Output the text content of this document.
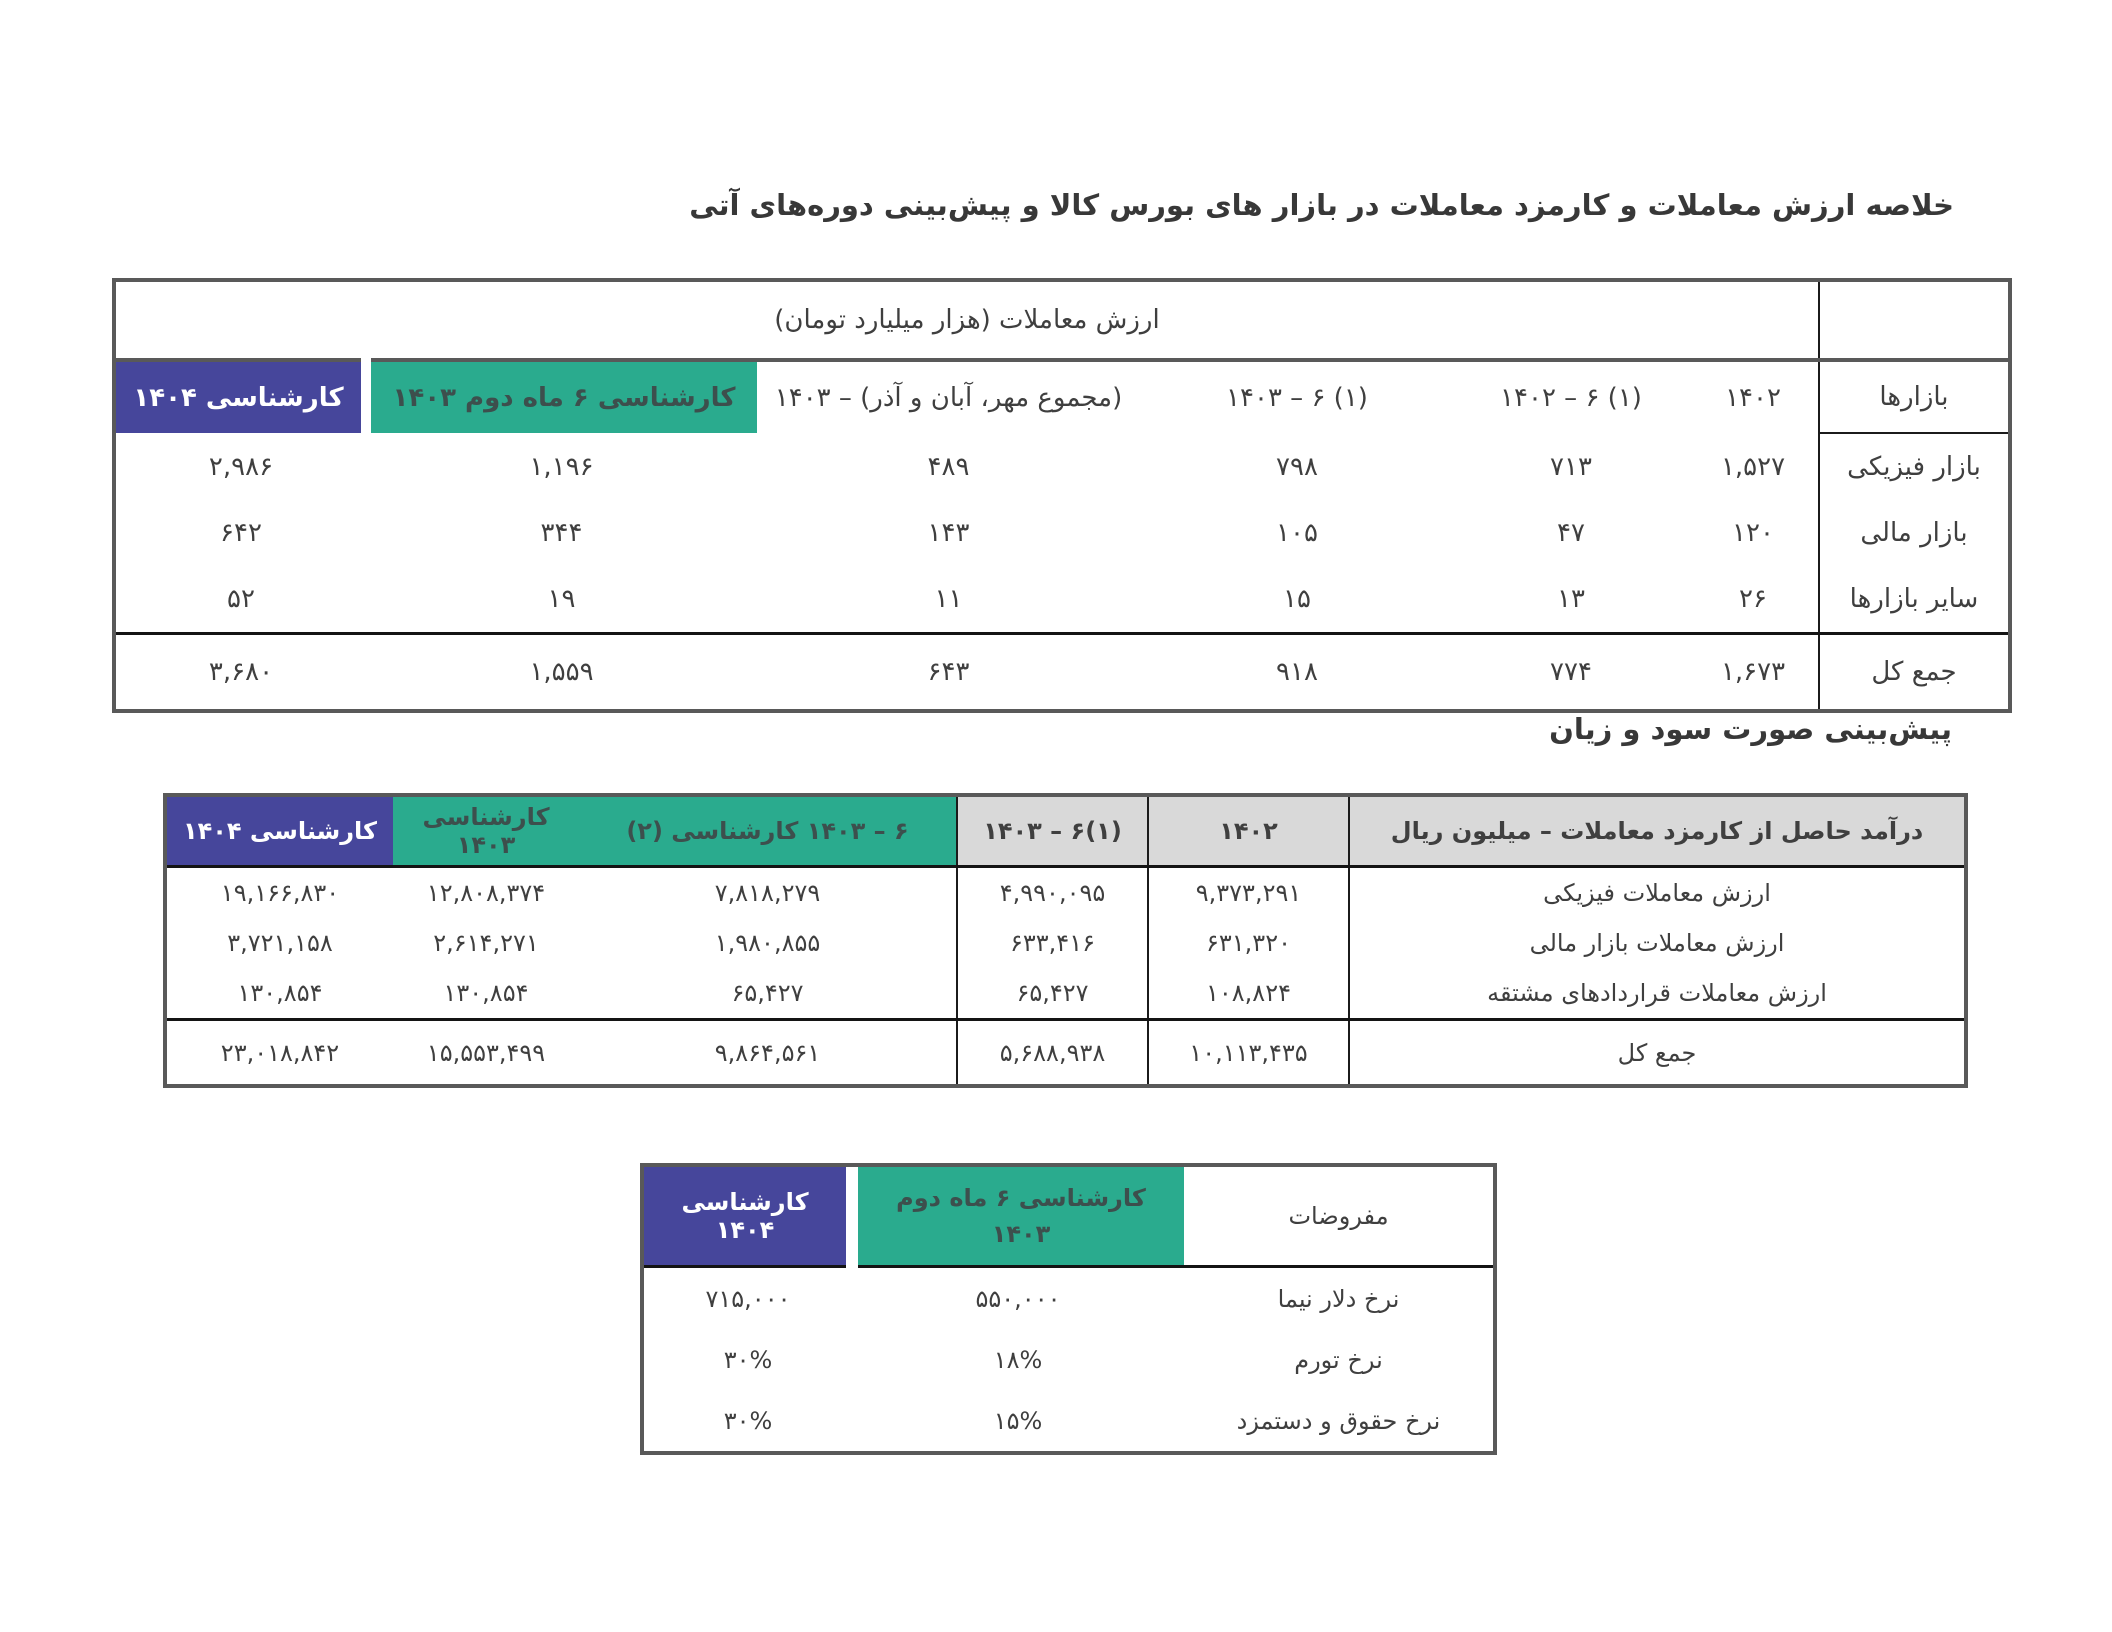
خلاصه ارزش معاملات و کارمزد معاملات در بازار های بورس کالا و پیش‌بینی دوره‌های آتی
	ارزش معاملات (هزار میلیارد تومان)					
بازارها	۱۴۰۲	(۱) ۶ – ۱۴۰۲	(۱) ۶ – ۱۴۰۳	(مجموع مهر، آبان و آذر) – ۱۴۰۳	کارشناسی ۶ ماه دوم ۱۴۰۳	کارشناسی ۱۴۰۴
بازار فیزیکی	۱,۵۲۷	۷۱۳	۷۹۸	۴۸۹	۱,۱۹۶	۲,۹۸۶
بازار مالی	۱۲۰	۴۷	۱۰۵	۱۴۳	۳۴۴	۶۴۲
سایر بازارها	۲۶	۱۳	۱۵	۱۱	۱۹	۵۲
جمع کل	۱,۶۷۳	۷۷۴	۹۱۸	۶۴۳	۱,۵۵۹	۳,۶۸۰
پیش‌بینی صورت سود و زیان
درآمد حاصل از کارمزد معاملات – میلیون ریال	۱۴۰۲	(۱)۶ – ۱۴۰۳	۶ – ۱۴۰۳ کارشناسی (۲)	کارشناسی ۱۴۰۳	کارشناسی ۱۴۰۴
ارزش معاملات فیزیکی	۹,۳۷۳,۲۹۱	۴,۹۹۰,۰۹۵	۷,۸۱۸,۲۷۹	۱۲,۸۰۸,۳۷۴	۱۹,۱۶۶,۸۳۰
ارزش معاملات بازار مالی	۶۳۱,۳۲۰	۶۳۳,۴۱۶	۱,۹۸۰,۸۵۵	۲,۶۱۴,۲۷۱	۳,۷۲۱,۱۵۸
ارزش معاملات قراردادهای مشتقه	۱۰۸,۸۲۴	۶۵,۴۲۷	۶۵,۴۲۷	۱۳۰,۸۵۴	۱۳۰,۸۵۴
جمع کل	۱۰,۱۱۳,۴۳۵	۵,۶۸۸,۹۳۸	۹,۸۶۴,۵۶۱	۱۵,۵۵۳,۴۹۹	۲۳,۰۱۸,۸۴۲
مفروضات	کارشناسی ۶ ماه دوم ۱۴۰۳	کارشناسی ۱۴۰۴
نرخ دلار نیما	۵۵۰,۰۰۰	۷۱۵,۰۰۰
نرخ تورم	۱۸%	۳۰%
نرخ حقوق و دستمزد	۱۵%	۳۰%
